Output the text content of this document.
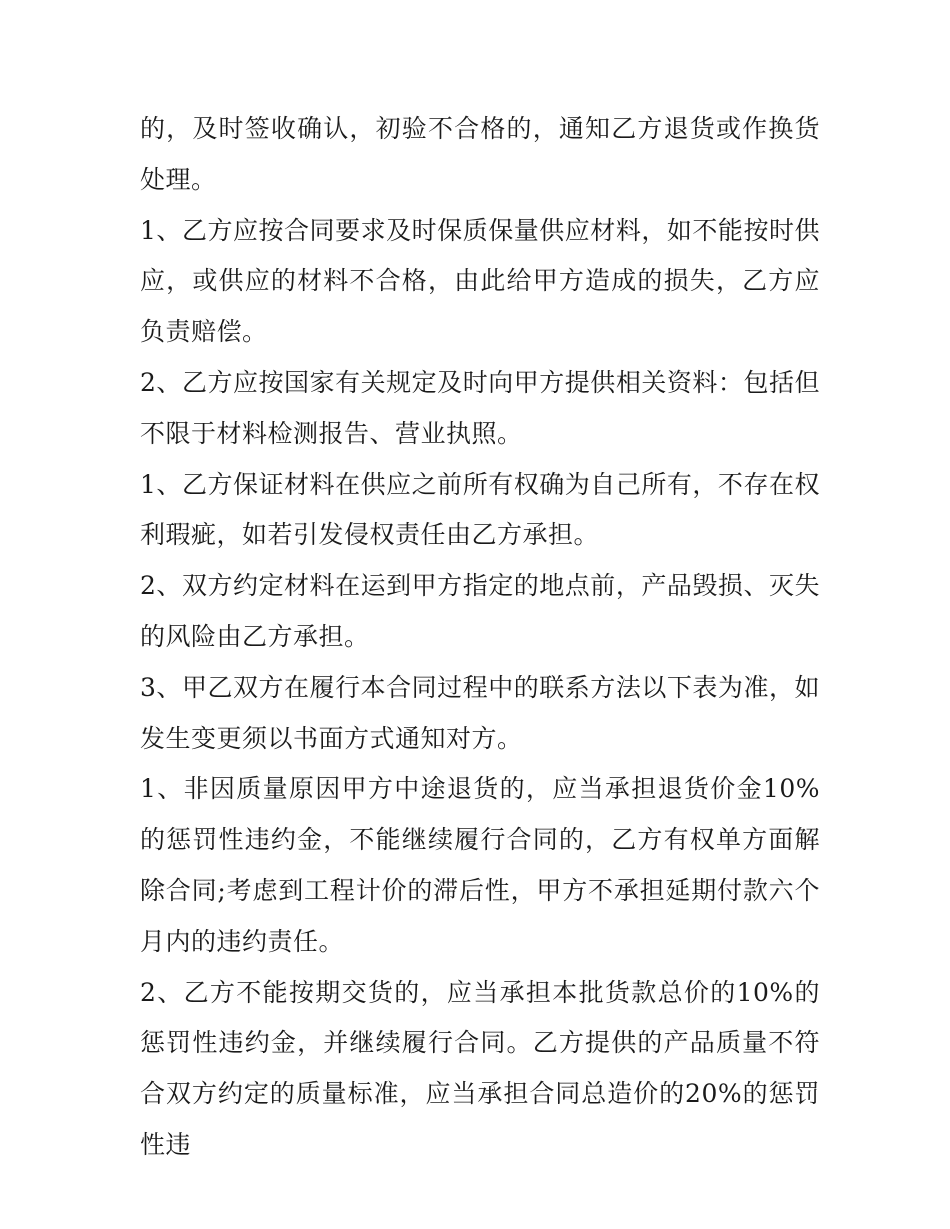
的，及时签收确认，初验不合格的，通知乙方退货或作换货处理。

1、乙方应按合同要求及时保质保量供应材料，如不能按时供应，或供应的材料不合格，由此给甲方造成的损失，乙方应负责赔偿。

2、乙方应按国家有关规定及时向甲方提供相关资料：包括但不限于材料检测报告、营业执照。

1、乙方保证材料在供应之前所有权确为自己所有，不存在权利瑕疵，如若引发侵权责任由乙方承担。

2、双方约定材料在运到甲方指定的地点前，产品毁损、灭失的风险由乙方承担。

3、甲乙双方在履行本合同过程中的联系方法以下表为准，如发生变更须以书面方式通知对方。

1、非因质量原因甲方中途退货的，应当承担退货价金10%的惩罚性违约金，不能继续履行合同的，乙方有权单方面解除合同;考虑到工程计价的滞后性，甲方不承担延期付款六个月内的违约责任。

2、乙方不能按期交货的，应当承担本批货款总价的10%的惩罚性违约金，并继续履行合同。乙方提供的产品质量不符合双方约定的质量标准，应当承担合同总造价的20%的惩罚性违
